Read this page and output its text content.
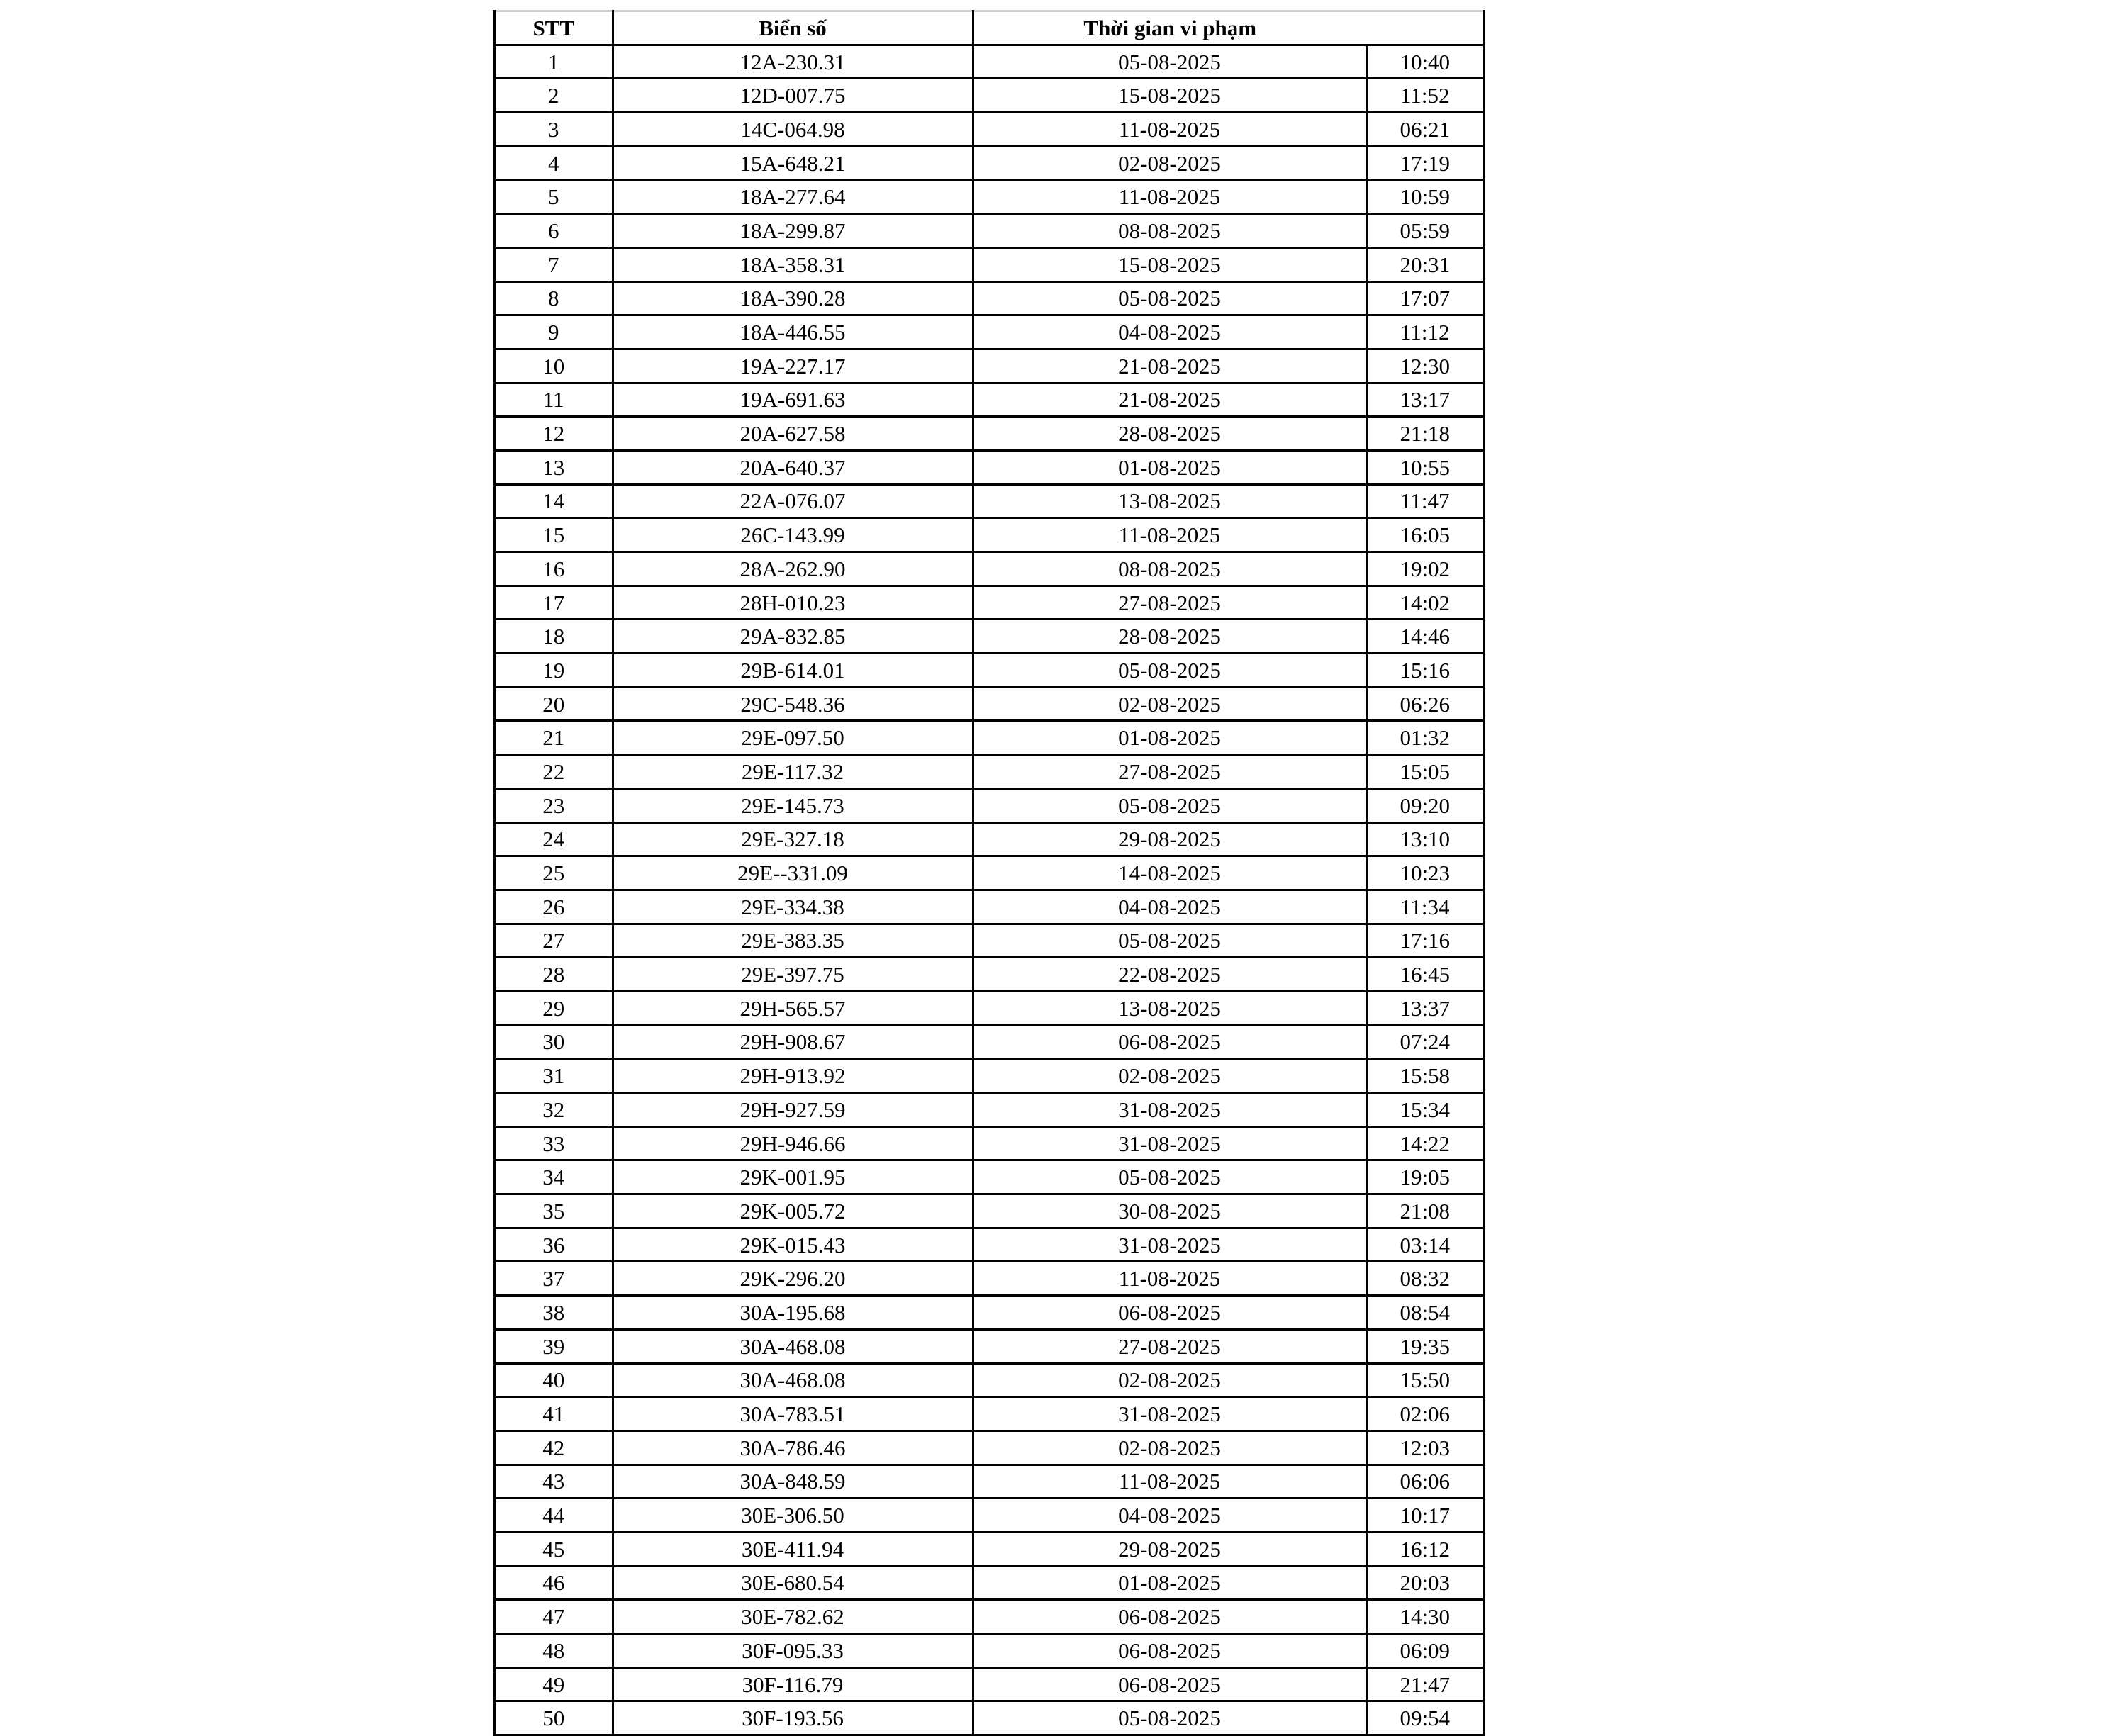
STT	Biển số	Thời gian vi phạm	
1	12A-230.31	05-08-2025	10:40
2	12D-007.75	15-08-2025	11:52
3	14C-064.98	11-08-2025	06:21
4	15A-648.21	02-08-2025	17:19
5	18A-277.64	11-08-2025	10:59
6	18A-299.87	08-08-2025	05:59
7	18A-358.31	15-08-2025	20:31
8	18A-390.28	05-08-2025	17:07
9	18A-446.55	04-08-2025	11:12
10	19A-227.17	21-08-2025	12:30
11	19A-691.63	21-08-2025	13:17
12	20A-627.58	28-08-2025	21:18
13	20A-640.37	01-08-2025	10:55
14	22A-076.07	13-08-2025	11:47
15	26C-143.99	11-08-2025	16:05
16	28A-262.90	08-08-2025	19:02
17	28H-010.23	27-08-2025	14:02
18	29A-832.85	28-08-2025	14:46
19	29B-614.01	05-08-2025	15:16
20	29C-548.36	02-08-2025	06:26
21	29E-097.50	01-08-2025	01:32
22	29E-117.32	27-08-2025	15:05
23	29E-145.73	05-08-2025	09:20
24	29E-327.18	29-08-2025	13:10
25	29E--331.09	14-08-2025	10:23
26	29E-334.38	04-08-2025	11:34
27	29E-383.35	05-08-2025	17:16
28	29E-397.75	22-08-2025	16:45
29	29H-565.57	13-08-2025	13:37
30	29H-908.67	06-08-2025	07:24
31	29H-913.92	02-08-2025	15:58
32	29H-927.59	31-08-2025	15:34
33	29H-946.66	31-08-2025	14:22
34	29K-001.95	05-08-2025	19:05
35	29K-005.72	30-08-2025	21:08
36	29K-015.43	31-08-2025	03:14
37	29K-296.20	11-08-2025	08:32
38	30A-195.68	06-08-2025	08:54
39	30A-468.08	27-08-2025	19:35
40	30A-468.08	02-08-2025	15:50
41	30A-783.51	31-08-2025	02:06
42	30A-786.46	02-08-2025	12:03
43	30A-848.59	11-08-2025	06:06
44	30E-306.50	04-08-2025	10:17
45	30E-411.94	29-08-2025	16:12
46	30E-680.54	01-08-2025	20:03
47	30E-782.62	06-08-2025	14:30
48	30F-095.33	06-08-2025	06:09
49	30F-116.79	06-08-2025	21:47
50	30F-193.56	05-08-2025	09:54
